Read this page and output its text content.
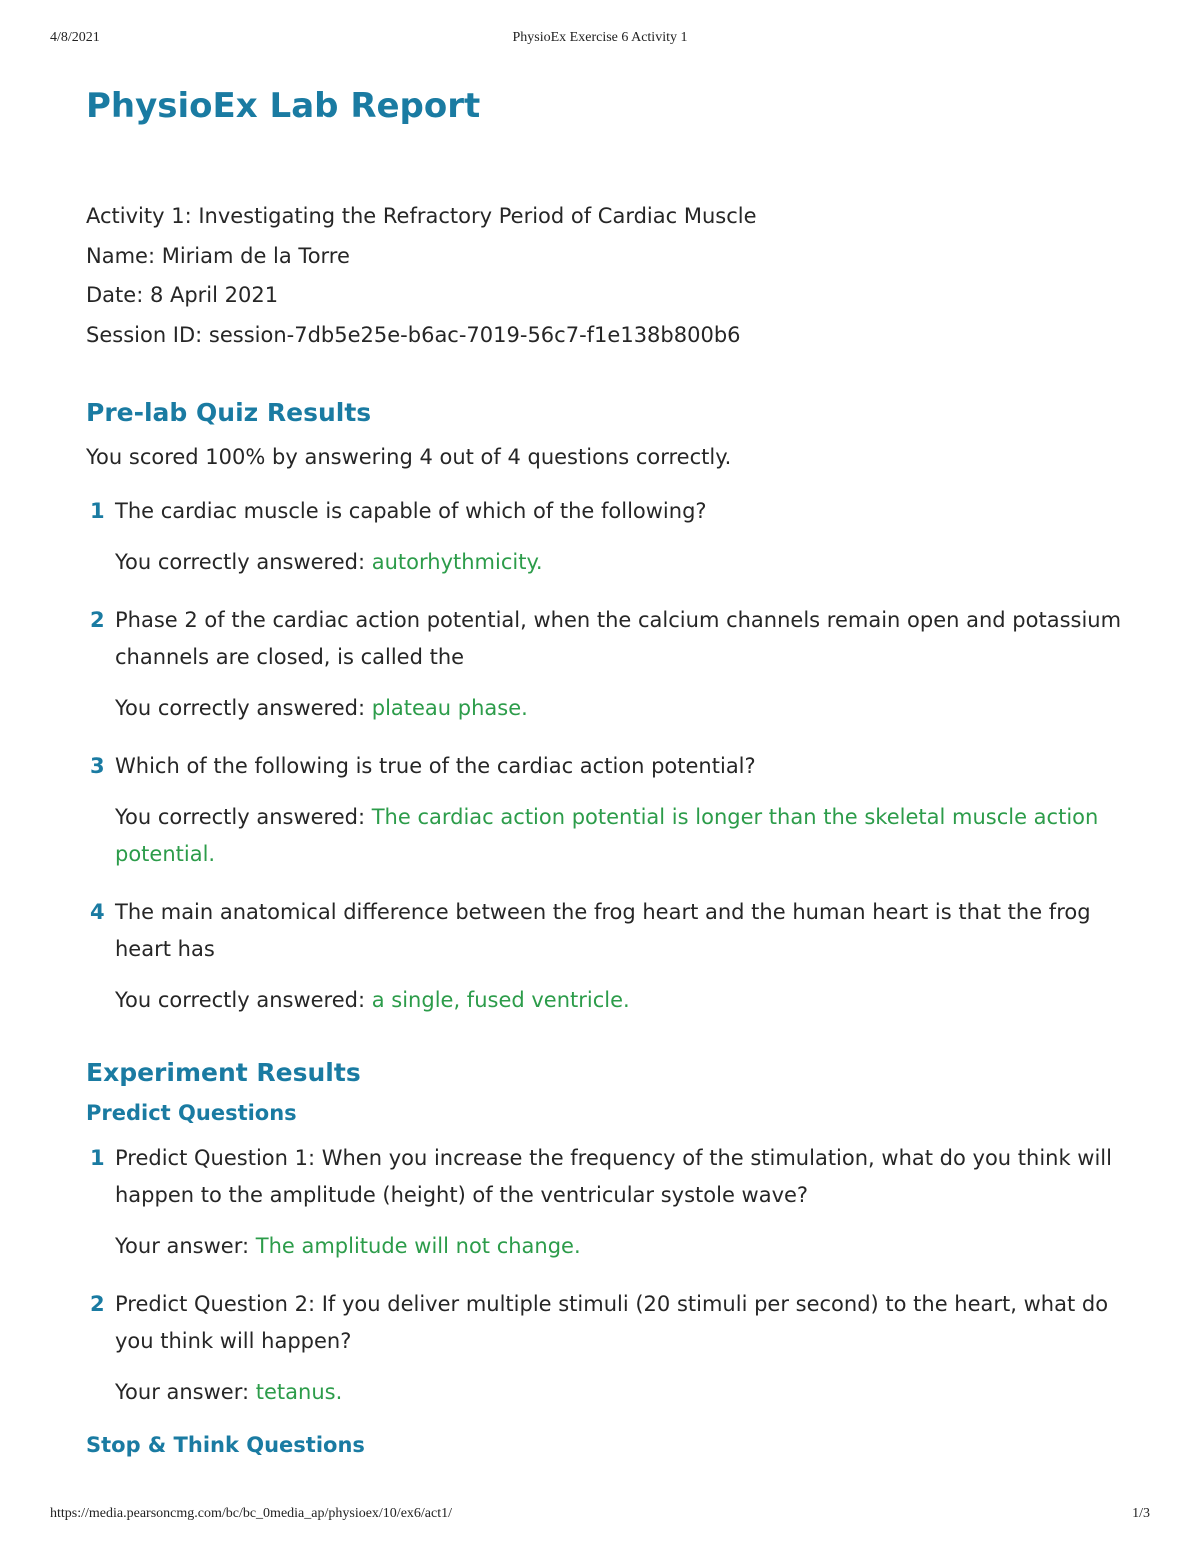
4/8/2021	PhysioEx Exercise 6 Activity 1
PhysioEx Lab Report
Activity 1: Investigating the Refractory Period of Cardiac Muscle
Name: Miriam de la Torre
Date: 8 April 2021
Session ID: session-7db5e25e-b6ac-7019-56c7-f1e138b800b6
Pre-lab Quiz Results
You scored 100% by answering 4 out of 4 questions correctly.
1 The cardiac muscle is capable of which of the following?
You correctly answered: autorhythmicity.
2 Phase 2 of the cardiac action potential, when the calcium channels remain open and potassium channels are closed, is called the
You correctly answered: plateau phase.
3 Which of the following is true of the cardiac action potential?
You correctly answered: The cardiac action potential is longer than the skeletal muscle action potential.
4 The main anatomical difference between the frog heart and the human heart is that the frog heart has
You correctly answered: a single, fused ventricle.
Experiment Results
Predict Questions
1 Predict Question 1: When you increase the frequency of the stimulation, what do you think will happen to the amplitude (height) of the ventricular systole wave?
Your answer: The amplitude will not change.
2 Predict Question 2: If you deliver multiple stimuli (20 stimuli per second) to the heart, what do you think will happen?
Your answer: tetanus.
Stop & Think Questions
https://media.pearsoncmg.com/bc/bc_0media_ap/physioex/10/ex6/act1/	1/3
